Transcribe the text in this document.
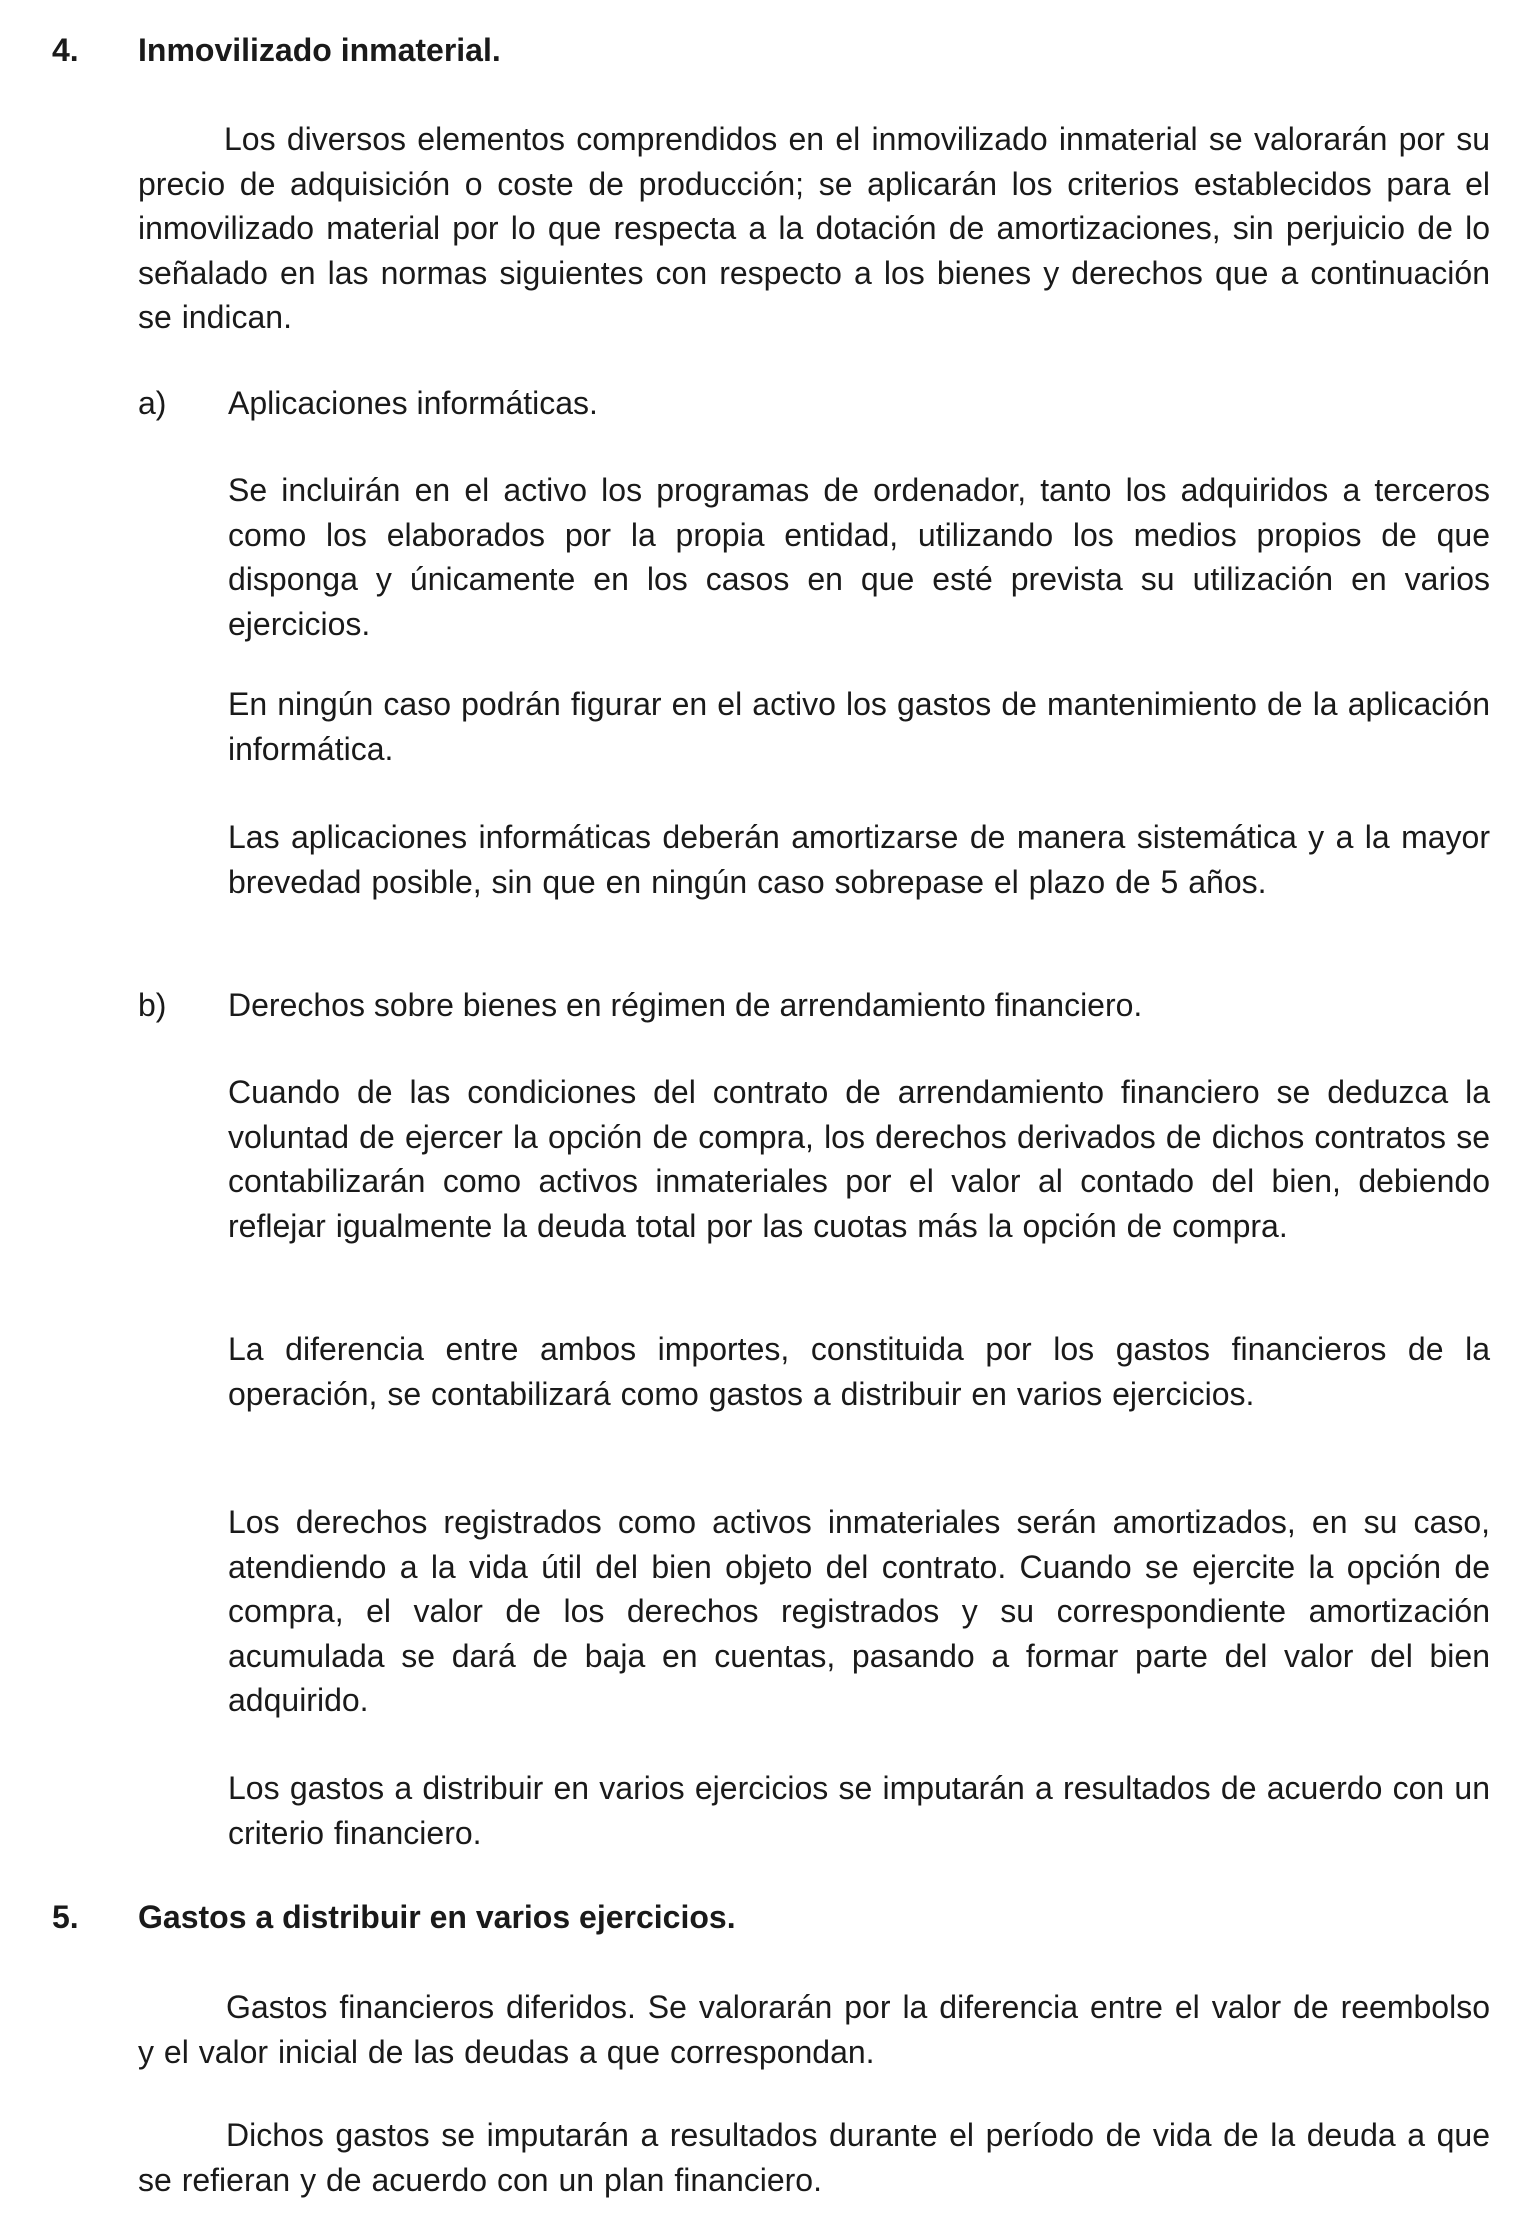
4. Inmovilizado inmaterial.

Los diversos elementos comprendidos en el inmovilizado inmaterial se valorarán por su precio de adquisición o coste de producción; se aplicarán los criterios establecidos para el inmovilizado material por lo que respecta a la dotación de amortizaciones, sin perjuicio de lo señalado en las normas siguientes con respecto a los bienes y derechos que a continuación se indican.

a) Aplicaciones informáticas.

Se incluirán en el activo los programas de ordenador, tanto los adquiridos a terceros como los elaborados por la propia entidad, utilizando los medios propios de que disponga y únicamente en los casos en que esté prevista su utilización en varios ejercicios.

En ningún caso podrán figurar en el activo los gastos de mantenimiento de la aplicación informática.

Las aplicaciones informáticas deberán amortizarse de manera sistemática y a la mayor brevedad posible, sin que en ningún caso sobrepase el plazo de 5 años.

b) Derechos sobre bienes en régimen de arrendamiento financiero.

Cuando de las condiciones del contrato de arrendamiento financiero se deduzca la voluntad de ejercer la opción de compra, los derechos derivados de dichos contratos se contabilizarán como activos inmateriales por el valor al contado del bien, debiendo reflejar igualmente la deuda total por las cuotas más la opción de compra.

La diferencia entre ambos importes, constituida por los gastos financieros de la operación, se contabilizará como gastos a distribuir en varios ejercicios.

Los derechos registrados como activos inmateriales serán amortizados, en su caso, atendiendo a la vida útil del bien objeto del contrato. Cuando se ejercite la opción de compra, el valor de los derechos registrados y su correspondiente amortización acumulada se dará de baja en cuentas, pasando a formar parte del valor del bien adquirido.

Los gastos a distribuir en varios ejercicios se imputarán a resultados de acuerdo con un criterio financiero.

5. Gastos a distribuir en varios ejercicios.

Gastos financieros diferidos. Se valorarán por la diferencia entre el valor de reembolso y el valor inicial de las deudas a que correspondan.

Dichos gastos se imputarán a resultados durante el período de vida de la deuda a que se refieran y de acuerdo con un plan financiero.
